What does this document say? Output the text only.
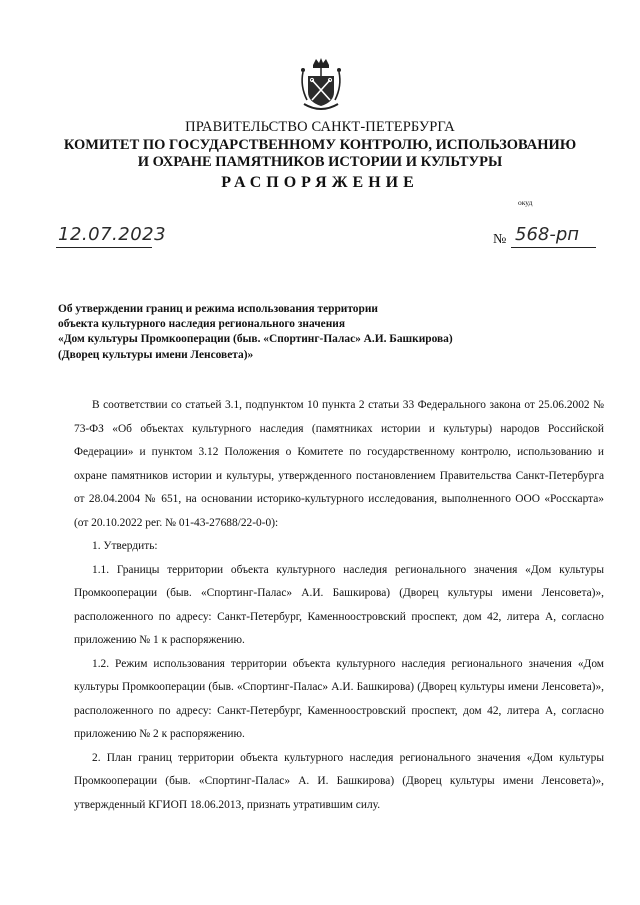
ПРАВИТЕЛЬСТВО САНКТ-ПЕТЕРБУРГА
КОМИТЕТ ПО ГОСУДАРСТВЕННОМУ КОНТРОЛЮ, ИСПОЛЬЗОВАНИЮ
И ОХРАНЕ ПАМЯТНИКОВ ИСТОРИИ И КУЛЬТУРЫ
РАСПОРЯЖЕНИЕ
окуд
12.07.2023	№ 568-рп
Об утверждении границ и режима использования территории
объекта культурного наследия регионального значения
«Дом культуры Промкооперации (быв. «Спортинг-Палас» А.И. Башкирова)
(Дворец культуры имени Ленсовета)»

В соответствии со статьей 3.1, подпунктом 10 пункта 2 статьи 33 Федерального закона от 25.06.2002 № 73-ФЗ «Об объектах культурного наследия (памятниках истории и культуры) народов Российской Федерации» и пунктом 3.12 Положения о Комитете по государственному контролю, использованию и охране памятников истории и культуры, утвержденного постановлением Правительства Санкт-Петербурга от 28.04.2004 № 651, на основании историко-культурного исследования, выполненного ООО «Росскарта» (от 20.10.2022 рег. № 01-43-27688/22-0-0):

1. Утвердить:

1.1. Границы территории объекта культурного наследия регионального значения «Дом культуры Промкооперации (быв. «Спортинг-Палас» А.И. Башкирова) (Дворец культуры имени Ленсовета)», расположенного по адресу: Санкт-Петербург, Каменноостровский проспект, дом 42, литера А, согласно приложению № 1 к распоряжению.

1.2. Режим использования территории объекта культурного наследия регионального значения «Дом культуры Промкооперации (быв. «Спортинг-Палас» А.И. Башкирова) (Дворец культуры имени Ленсовета)», расположенного по адресу: Санкт-Петербург, Каменноостровский проспект, дом 42, литера А, согласно приложению № 2 к распоряжению.

2. План границ территории объекта культурного наследия регионального значения «Дом культуры Промкооперации (быв. «Спортинг-Палас» А. И. Башкирова) (Дворец культуры имени Ленсовета)», утвержденный КГИОП 18.06.2013, признать утратившим силу.
